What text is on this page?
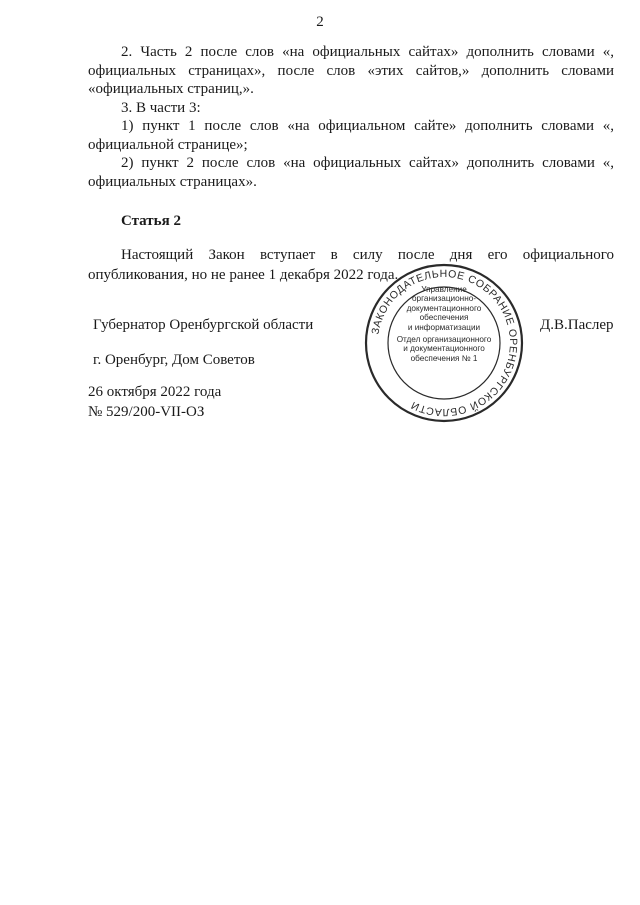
2

2. Часть 2 после слов «на официальных сайтах» дополнить словами «, официальных страницах», после слов «этих сайтов,» дополнить словами «официальных страниц,».

3. В части 3:

1) пункт 1 после слов «на официальном сайте» дополнить словами «, официальной странице»;

2) пункт 2 после слов «на официальных сайтах» дополнить словами «, официальных страницах».

Статья 2

Настоящий Закон вступает в силу после дня его официального опубликования, но не ранее 1 декабря 2022 года.

Губернатор Оренбургской области	Д.В.Паслер
г. Оренбург, Дом Советов
26 октября 2022 года
№ 529/200-VII-ОЗ
ЗАКОНОДАТЕЛЬНОЕ СОБРАНИЕ ОРЕНБУРГСКОЙ ОБЛАСТИ
Управление
организационно-
документационного
обеспечения
и информатизации
Отдел организационного
и документационного
обеспечения № 1
